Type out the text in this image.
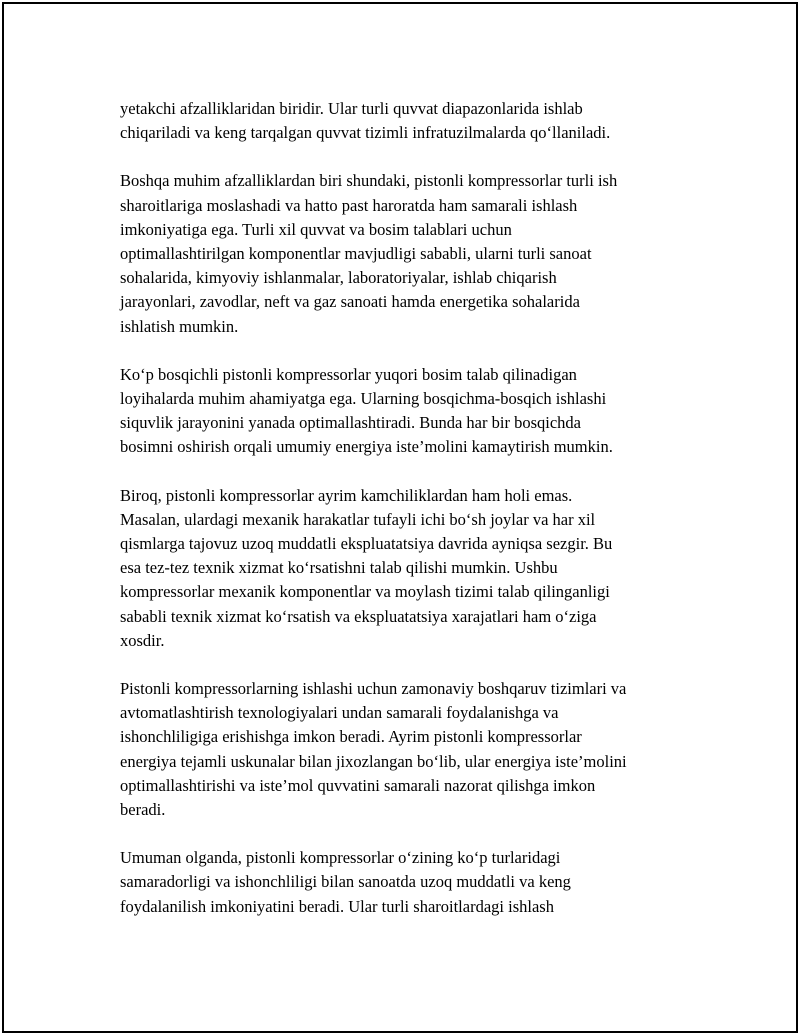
yetakchi afzalliklaridan biridir. Ular turli quvvat diapazonlarida ishlab
chiqariladi va keng tarqalgan quvvat tizimli infratuzilmalarda qo‘llaniladi.

Boshqa muhim afzalliklardan biri shundaki, pistonli kompressorlar turli ish
sharoitlariga moslashadi va hatto past haroratda ham samarali ishlash
imkoniyatiga ega. Turli xil quvvat va bosim talablari uchun
optimallashtirilgan komponentlar mavjudligi sababli, ularni turli sanoat
sohalarida, kimyoviy ishlanmalar, laboratoriyalar, ishlab chiqarish
jarayonlari, zavodlar, neft va gaz sanoati hamda energetika sohalarida
ishlatish mumkin.

Ko‘p bosqichli pistonli kompressorlar yuqori bosim talab qilinadigan
loyihalarda muhim ahamiyatga ega. Ularning bosqichma-bosqich ishlashi
siquvlik jarayonini yanada optimallashtiradi. Bunda har bir bosqichda
bosimni oshirish orqali umumiy energiya iste’molini kamaytirish mumkin.

Biroq, pistonli kompressorlar ayrim kamchiliklardan ham holi emas.
Masalan, ulardagi mexanik harakatlar tufayli ichi bo‘sh joylar va har xil
qismlarga tajovuz uzoq muddatli ekspluatatsiya davrida ayniqsa sezgir. Bu
esa tez-tez texnik xizmat ko‘rsatishni talab qilishi mumkin. Ushbu
kompressorlar mexanik komponentlar va moylash tizimi talab qilinganligi
sababli texnik xizmat ko‘rsatish va ekspluatatsiya xarajatlari ham o‘ziga
xosdir.

Pistonli kompressorlarning ishlashi uchun zamonaviy boshqaruv tizimlari va
avtomatlashtirish texnologiyalari undan samarali foydalanishga va
ishonchliligiga erishishga imkon beradi. Ayrim pistonli kompressorlar
energiya tejamli uskunalar bilan jixozlangan bo‘lib, ular energiya iste’molini
optimallashtirishi va iste’mol quvvatini samarali nazorat qilishga imkon
beradi.

Umuman olganda, pistonli kompressorlar o‘zining ko‘p turlaridagi
samaradorligi va ishonchliligi bilan sanoatda uzoq muddatli va keng
foydalanilish imkoniyatini beradi. Ular turli sharoitlardagi ishlash
